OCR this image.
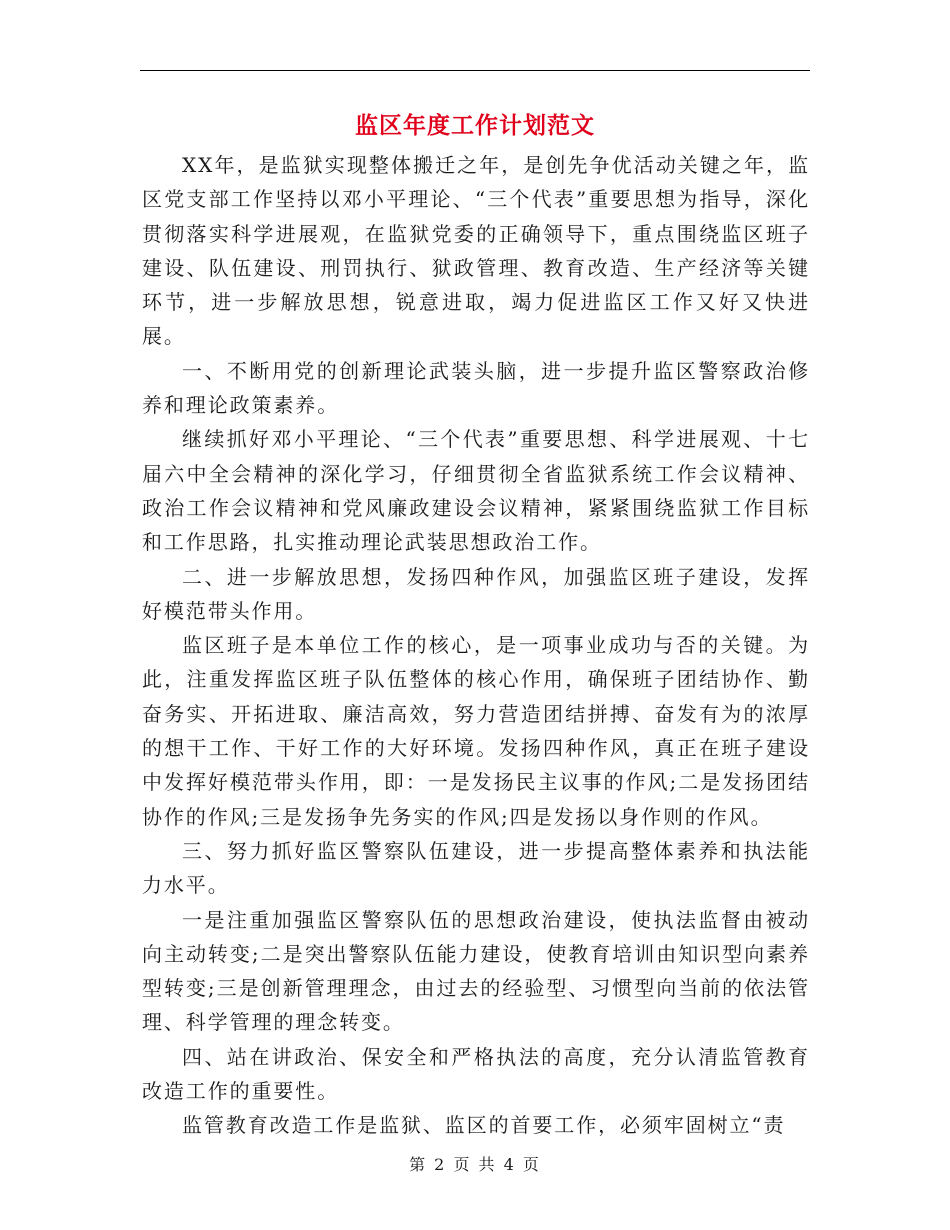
监区年度工作计划范文

XX年，是监狱实现整体搬迁之年，是创先争优活动关键之年，监区党支部工作坚持以邓小平理论、“三个代表”重要思想为指导，深化贯彻落实科学进展观，在监狱党委的正确领导下，重点围绕监区班子建设、队伍建设、刑罚执行、狱政管理、教育改造、生产经济等关键环节，进一步解放思想，锐意进取，竭力促进监区工作又好又快进展。

一、不断用党的创新理论武装头脑，进一步提升监区警察政治修养和理论政策素养。

继续抓好邓小平理论、“三个代表”重要思想、科学进展观、十七届六中全会精神的深化学习，仔细贯彻全省监狱系统工作会议精神、政治工作会议精神和党风廉政建设会议精神，紧紧围绕监狱工作目标和工作思路，扎实推动理论武装思想政治工作。

二、进一步解放思想，发扬四种作风，加强监区班子建设，发挥好模范带头作用。

监区班子是本单位工作的核心，是一项事业成功与否的关键。为此，注重发挥监区班子队伍整体的核心作用，确保班子团结协作、勤奋务实、开拓进取、廉洁高效，努力营造团结拼搏、奋发有为的浓厚的想干工作、干好工作的大好环境。发扬四种作风，真正在班子建设中发挥好模范带头作用，即：一是发扬民主议事的作风;二是发扬团结协作的作风;三是发扬争先务实的作风;四是发扬以身作则的作风。

三、努力抓好监区警察队伍建设，进一步提高整体素养和执法能力水平。

一是注重加强监区警察队伍的思想政治建设，使执法监督由被动向主动转变;二是突出警察队伍能力建设，使教育培训由知识型向素养型转变;三是创新管理理念，由过去的经验型、习惯型向当前的依法管理、科学管理的理念转变。

四、站在讲政治、保安全和严格执法的高度，充分认清监管教育改造工作的重要性。

监管教育改造工作是监狱、监区的首要工作，必须牢固树立“责

第 2 页 共 4 页
